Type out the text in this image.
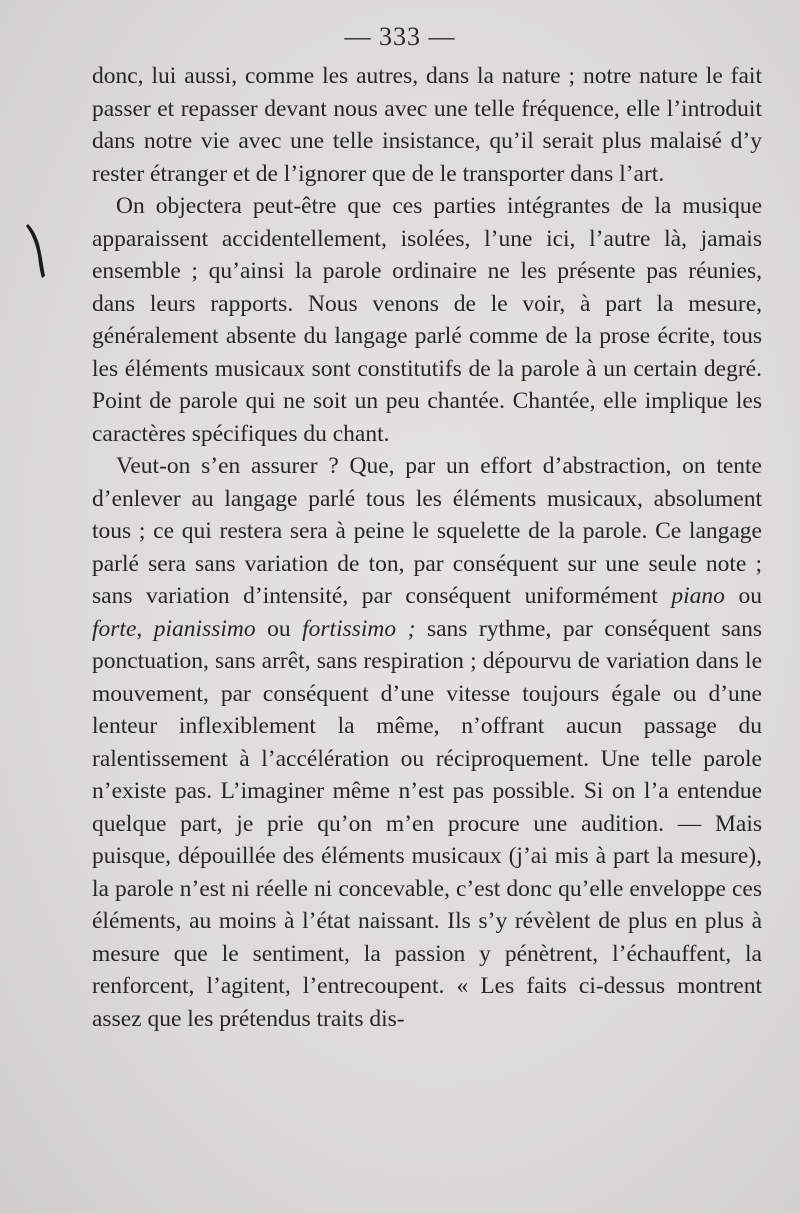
— 333 —

donc, lui aussi, comme les autres, dans la nature ; notre nature le fait passer et repasser devant nous avec une telle fréquence, elle l’introduit dans notre vie avec une telle insistance, qu’il serait plus malaisé d’y rester étranger et de l’ignorer que de le transporter dans l’art.

On objectera peut-être que ces parties intégrantes de la musique apparaissent accidentellement, isolées, l’une ici, l’autre là, jamais ensemble ; qu’ainsi la parole ordinaire ne les présente pas réunies, dans leurs rapports. Nous venons de le voir, à part la mesure, généralement absente du langage parlé comme de la prose écrite, tous les éléments musicaux sont constitutifs de la parole à un certain degré. Point de parole qui ne soit un peu chantée. Chantée, elle implique les caractères spécifiques du chant.

Veut-on s’en assurer ? Que, par un effort d’abstraction, on tente d’enlever au langage parlé tous les éléments musicaux, absolument tous ; ce qui restera sera à peine le squelette de la parole. Ce langage parlé sera sans variation de ton, par conséquent sur une seule note ; sans variation d’intensité, par conséquent uniformément piano ou forte, pianissimo ou fortissimo ; sans rythme, par conséquent sans ponctuation, sans arrêt, sans respiration ; dépourvu de variation dans le mouvement, par conséquent d’une vitesse toujours égale ou d’une lenteur inflexiblement la même, n’offrant aucun passage du ralentissement à l’accélération ou réciproquement. Une telle parole n’existe pas. L’imaginer même n’est pas possible. Si on l’a entendue quelque part, je prie qu’on m’en procure une audition. — Mais puisque, dépouillée des éléments musicaux (j’ai mis à part la mesure), la parole n’est ni réelle ni concevable, c’est donc qu’elle enveloppe ces éléments, au moins à l’état naissant. Ils s’y révèlent de plus en plus à mesure que le sentiment, la passion y pénètrent, l’échauffent, la renforcent, l’agitent, l’entrecoupent. « Les faits ci-dessus montrent assez que les prétendus traits dis-
